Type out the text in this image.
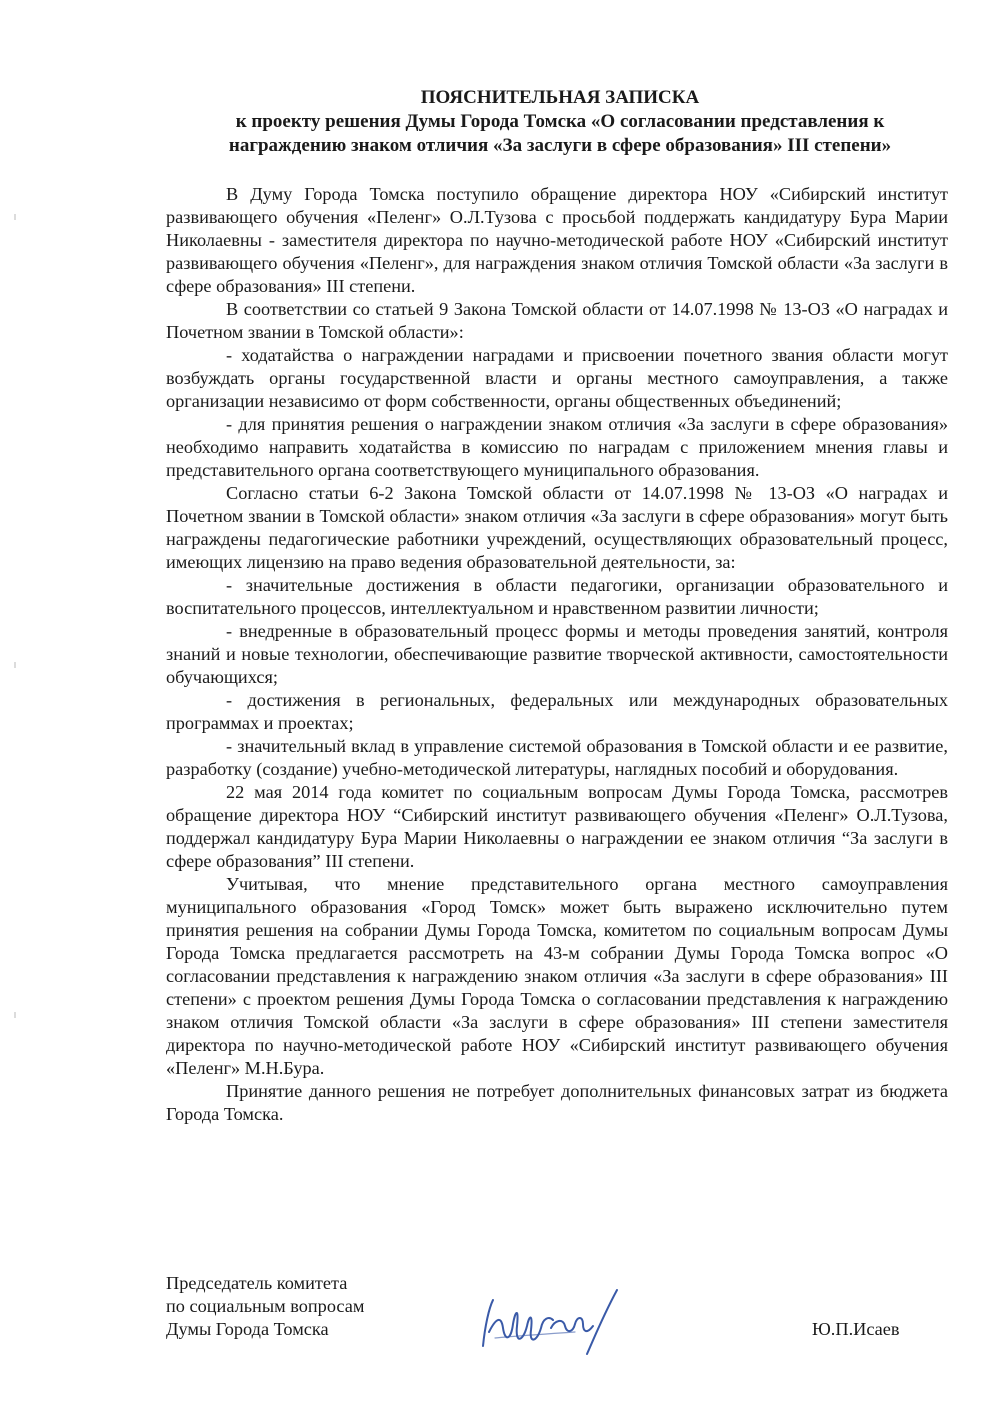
ПОЯСНИТЕЛЬНАЯ ЗАПИСКА
к проекту решения Думы Города Томска «О согласовании представления к
награждению знаком отличия «За заслуги в сфере образования» III степени»

В Думу Города Томска поступило обращение директора НОУ «Сибирский институт развивающего обучения «Пеленг» О.Л.Тузова с просьбой поддержать кандидатуру Бура Марии Николаевны - заместителя директора по научно-методической работе НОУ «Сибирский институт развивающего обучения «Пеленг», для награждения знаком отличия Томской области «За заслуги в сфере образования» III степени.

В соответствии со статьей 9 Закона Томской области от 14.07.1998 № 13-ОЗ «О наградах и Почетном звании в Томской области»:

- ходатайства о награждении наградами и присвоении почетного звания области могут возбуждать органы государственной власти и органы местного самоуправления, а также организации независимо от форм собственности, органы общественных объединений;

- для принятия решения о награждении знаком отличия «За заслуги в сфере образования» необходимо направить ходатайства в комиссию по наградам с приложением мнения главы и представительного органа соответствующего муниципального образования.

Согласно статьи 6-2 Закона Томской области от 14.07.1998 № 13-ОЗ «О наградах и Почетном звании в Томской области» знаком отличия «За заслуги в сфере образования» могут быть награждены педагогические работники учреждений, осуществляющих образовательный процесс, имеющих лицензию на право ведения образовательной деятельности, за:

- значительные достижения в области педагогики, организации образовательного и воспитательного процессов, интеллектуальном и нравственном развитии личности;

- внедренные в образовательный процесс формы и методы проведения занятий, контроля знаний и новые технологии, обеспечивающие развитие творческой активности, самостоятельности обучающихся;

- достижения в региональных, федеральных или международных образовательных программах и проектах;

- значительный вклад в управление системой образования в Томской области и ее развитие, разработку (создание) учебно-методической литературы, наглядных пособий и оборудования.

22 мая 2014 года комитет по социальным вопросам Думы Города Томска, рассмотрев обращение директора НОУ “Сибирский институт развивающего обучения «Пеленг» О.Л.Тузова, поддержал кандидатуру Бура Марии Николаевны о награждении ее знаком отличия “За заслуги в сфере образования” III степени.

Учитывая, что мнение представительного органа местного самоуправления муниципального образования «Город Томск» может быть выражено исключительно путем принятия решения на собрании Думы Города Томска, комитетом по социальным вопросам Думы Города Томска предлагается рассмотреть на 43-м собрании Думы Города Томска вопрос «О согласовании представления к награждению знаком отличия «За заслуги в сфере образования» III степени» с проектом решения Думы Города Томска о согласовании представления к награждению знаком отличия Томской области «За заслуги в сфере образования» III степени заместителя директора по научно-методической работе НОУ «Сибирский институт развивающего обучения «Пеленг» М.Н.Бура.

Принятие данного решения не потребует дополнительных финансовых затрат из бюджета Города Томска.

Председатель комитета
по социальным вопросам
Думы Города Томска	Ю.П.Исаев
